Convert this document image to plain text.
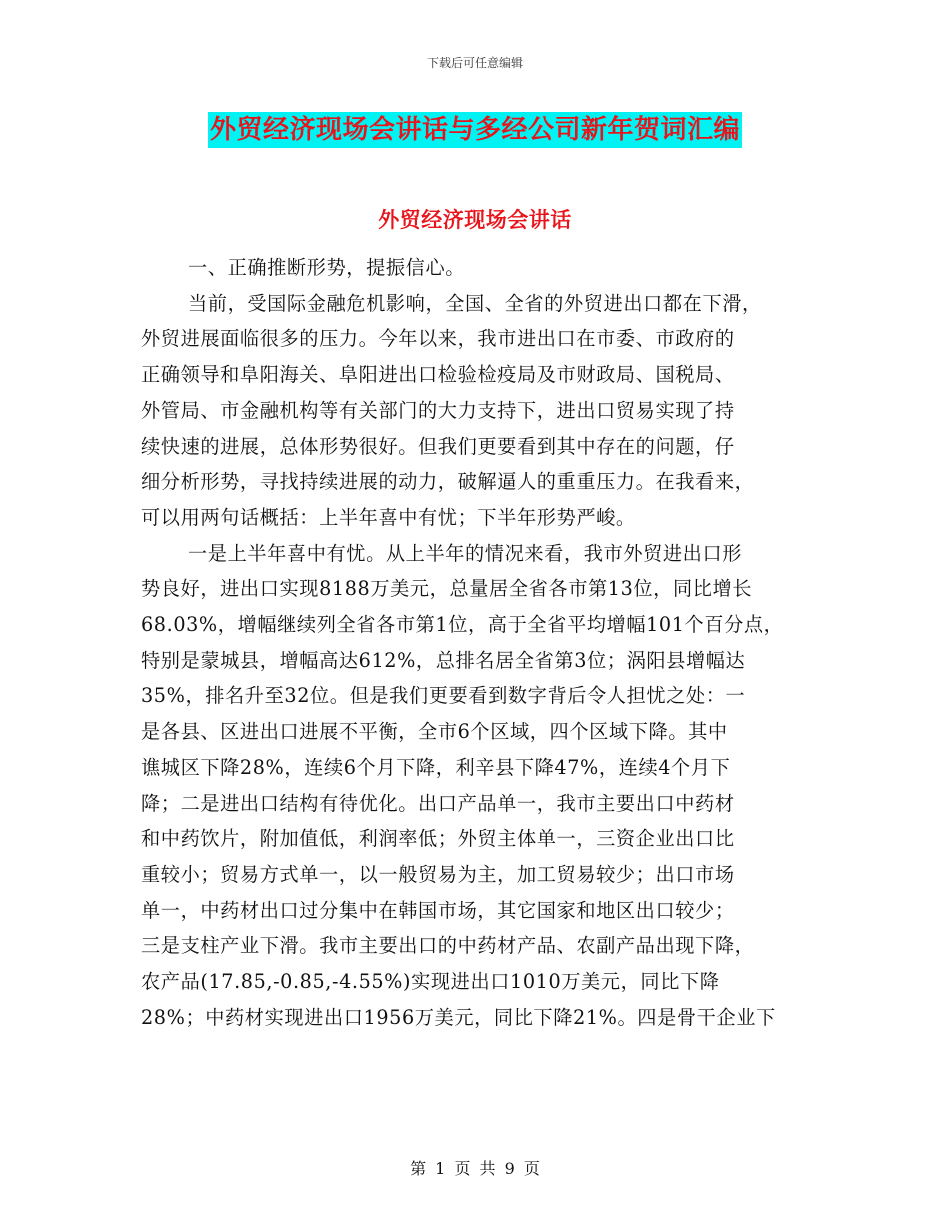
下载后可任意编辑
外贸经济现场会讲话与多经公司新年贺词汇编
外贸经济现场会讲话
一、正确推断形势，提振信心。
当前，受国际金融危机影响，全国、全省的外贸进出口都在下滑，
外贸进展面临很多的压力。今年以来，我市进出口在市委、市政府的
正确领导和阜阳海关、阜阳进出口检验检疫局及市财政局、国税局、
外管局、市金融机构等有关部门的大力支持下，进出口贸易实现了持
续快速的进展，总体形势很好。但我们更要看到其中存在的问题，仔
细分析形势，寻找持续进展的动力，破解逼人的重重压力。在我看来，
可以用两句话概括：上半年喜中有忧；下半年形势严峻。
一是上半年喜中有忧。从上半年的情况来看，我市外贸进出口形
势良好，进出口实现8188万美元，总量居全省各市第13位，同比增长
68.03%，增幅继续列全省各市第1位，高于全省平均增幅101个百分点，
特别是蒙城县，增幅高达612%，总排名居全省第3位；涡阳县增幅达
35%，排名升至32位。但是我们更要看到数字背后令人担忧之处：一
是各县、区进出口进展不平衡，全市6个区域，四个区域下降。其中
谯城区下降28%，连续6个月下降，利辛县下降47%，连续4个月下
降；二是进出口结构有待优化。出口产品单一，我市主要出口中药材
和中药饮片，附加值低，利润率低；外贸主体单一，三资企业出口比
重较小；贸易方式单一，以一般贸易为主，加工贸易较少；出口市场
单一，中药材出口过分集中在韩国市场，其它国家和地区出口较少；
三是支柱产业下滑。我市主要出口的中药材产品、农副产品出现下降，
农产品(17.85,-0.85,-4.55%)实现进出口1010万美元，同比下降
28%；中药材实现进出口1956万美元，同比下降21%。四是骨干企业下
第 1 页 共 9 页
